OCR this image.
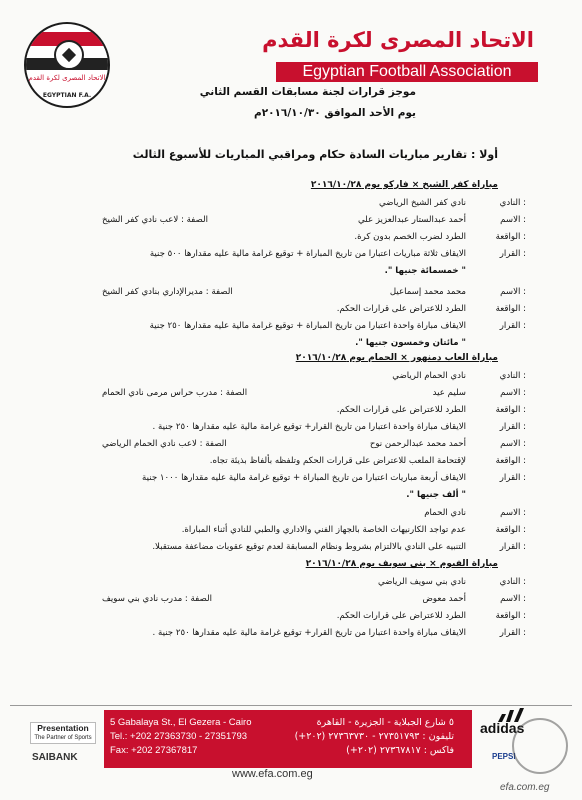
الاتحاد المصرى لكرة القدم
EGYPTIAN F.A.
الاتحاد المصرى لكرة القدم
Egyptian Football Association
موجز قرارات لجنة مسابقات القسم الثاني
يوم الأحد الموافق ٢٠١٦/١٠/٣٠م
أولا : تقارير مباريات السادة حكام ومراقبي المباريات للأسبوع الثالث
مباراة كفر الشيخ × فاركو يوم ٢٠١٦/١٠/٢٨
: النادي
نادي كفر الشيخ الرياضي
: الاسم
أحمد عبدالستار عبدالعزيز علي
الصفة : لاعب نادي كفر الشيخ
: الواقعة
الطرد لضرب الخصم بدون كرة.
: القرار
الايقاف ثلاثة مباريات اعتبارا من تاريخ المباراة + توقيع غرامة مالية عليه مقدارها ٥٠٠ جنية
" خمسمائة جنيها ".
: الاسم
محمد محمد إسماعيل
الصفة : مديرالإداري بنادي كفر الشيخ
: الواقعة
الطرد للاعتراض على قرارات الحكم.
: القرار
الايقاف مباراة واحدة اعتبارا من تاريخ المباراة + توقيع غرامة مالية عليه مقدارها ٢٥٠ جنية
" مائتان وخمسون جنيها ".
مباراة العاب دمنهور × الحمام يوم ٢٠١٦/١٠/٢٨
: النادي
نادي الحمام الرياضي
: الاسم
سليم عيد
الصفة : مدرب حراس مرمى نادي الحمام
: الواقعة
الطرد للاعتراض على قرارات الحكم.
: القرار
الايقاف مباراة واحدة اعتبارا من تاريخ القرار+ توقيع غرامة مالية عليه مقدارها ٢٥٠ جنية .
: الاسم
أحمد محمد عبدالرحمن نوح
الصفة : لاعب نادي الحمام الرياضي
: الواقعة
لإقتحامة الملعب للاعتراض على قرارات الحكم وتلفظه بألفاظ بذيئة تجاه.
: القرار
الايقاف أربعة مباريات اعتبارا من تاريخ المباراة + توقيع غرامة مالية عليه مقدارها ١٠٠٠ جنية
" ألف جنيها ".
: الاسم
نادي الحمام
: الواقعة
عدم تواجد الكارنيهات الخاصة بالجهاز الفني والاداري والطبي للنادي أثناء المباراة.
: القرار
التنبيه على النادي بالالتزام بشروط ونظام المسابقة لعدم توقيع عقوبات مضاعفة مستقبلا.
مباراة الفيوم × بني سويف يوم ٢٠١٦/١٠/٢٨
: النادي
نادي بني سويف الرياضي
: الاسم
أحمد معوض
الصفة : مدرب نادي بني سويف
: الواقعة
الطرد للاعتراض على قرارات الحكم.
: القرار
الايقاف مباراة واحدة اعتبارا من تاريخ القرار+ توقيع غرامة مالية عليه مقدارها ٢٥٠ جنية .
Presentation
The Partner of Sports
SAIBANK
5 Gabalaya St., El Gezera - Cairo
Tel.: +202 27363730 - 27351793
Fax: +202 27367817
٥ شارع الجبلاية - الجزيرة - القاهرة
تليفون : ٢٧٣٥١٧٩٣ - ٢٧٣٦٣٧٣٠ (٢٠٢+)
فاكس : ٢٧٣٦٧٨١٧ (٢٠٢+)
www.efa.com.eg
adidas
PEPSI
efa.com.eg
